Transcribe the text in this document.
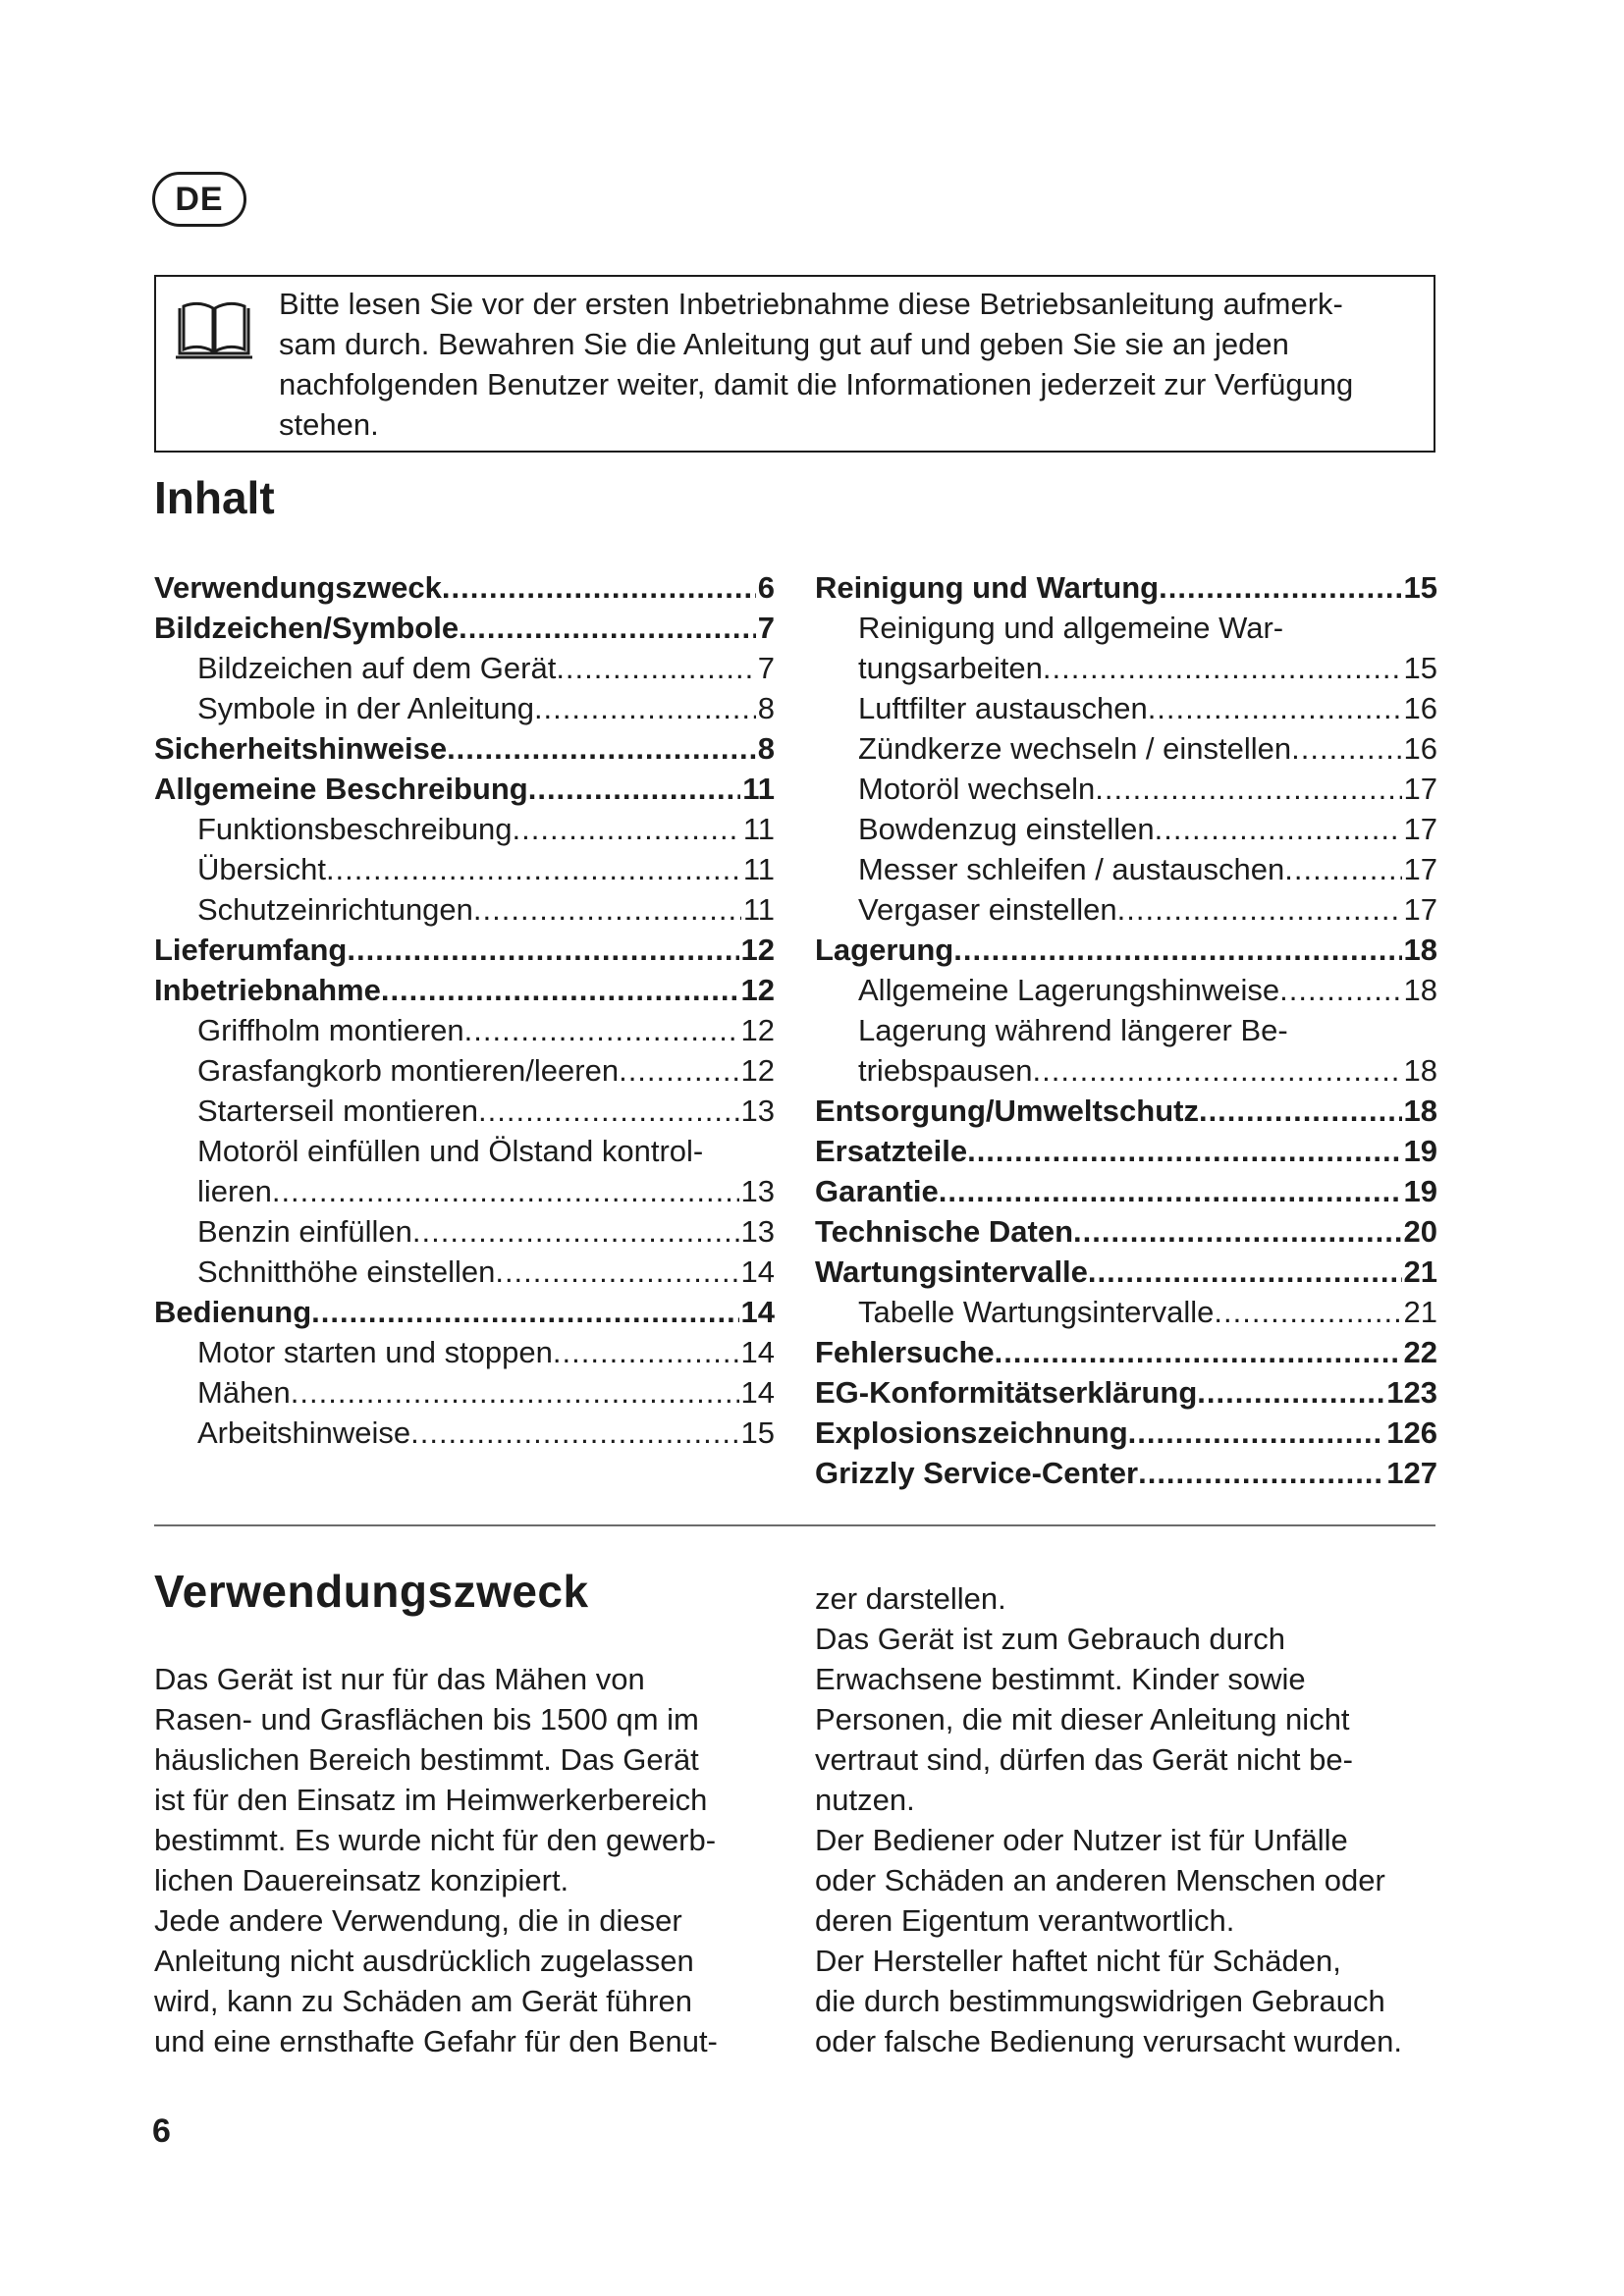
DE
Bitte lesen Sie vor der ersten Inbetriebnahme diese Betriebsanleitung aufmerk-
sam durch. Bewahren Sie die Anleitung gut auf und geben Sie sie an jeden
nachfolgenden Benutzer weiter, damit die Informationen jederzeit zur Verfügung
stehen.
Inhalt
Verwendungszweck .....	6
Bildzeichen/Symbole .....	7
Bildzeichen auf dem Gerät .....	7
Symbole in der Anleitung .....	8
Sicherheitshinweise .....	8
Allgemeine Beschreibung .....	11
Funktionsbeschreibung .....	11
Übersicht .....	11
Schutzeinrichtungen .....	11
Lieferumfang .....	12
Inbetriebnahme .....	12
Griffholm montieren .....	12
Grasfangkorb montieren/leeren .....	12
Starterseil montieren .....	13
Motoröl einfüllen und Ölstand kontrol-
lieren .....	13
Benzin einfüllen .....	13
Schnitthöhe einstellen .....	14
Bedienung .....	14
Motor starten und stoppen .....	14
Mähen .....	14
Arbeitshinweise .....	15
Reinigung und Wartung .....	15
Reinigung und allgemeine War-
tungsarbeiten .....	15
Luftfilter austauschen .....	16
Zündkerze wechseln / einstellen .....	16
Motoröl wechseln .....	17
Bowdenzug einstellen .....	17
Messer schleifen / austauschen .....	17
Vergaser einstellen .....	17
Lagerung .....	18
Allgemeine Lagerungshinweise .....	18
Lagerung während längerer Be-
triebspausen .....	18
Entsorgung/Umweltschutz .....	18
Ersatzteile .....	19
Garantie .....	19
Technische Daten .....	20
Wartungsintervalle .....	21
Tabelle Wartungsintervalle .....	21
Fehlersuche .....	22
EG-Konformitätserklärung .....	123
Explosionszeichnung .....	126
Grizzly Service-Center .....	127
Verwendungszweck
Das Gerät ist nur für das Mähen von
Rasen- und Grasflächen bis 1500 qm im
häuslichen Bereich bestimmt. Das Gerät
ist für den Einsatz im Heimwerkerbereich
bestimmt. Es wurde nicht für den gewerb-
lichen Dauereinsatz konzipiert.
Jede andere Verwendung, die in dieser
Anleitung nicht ausdrücklich zugelassen
wird, kann zu Schäden am Gerät führen
und eine ernsthafte Gefahr für den Benut-
zer darstellen.
Das Gerät ist zum Gebrauch durch
Erwachsene bestimmt. Kinder sowie
Personen, die mit dieser Anleitung nicht
vertraut sind, dürfen das Gerät nicht be-
nutzen.
Der Bediener oder Nutzer ist für Unfälle
oder Schäden an anderen Menschen oder
deren Eigentum verantwortlich.
Der Hersteller haftet nicht für Schäden,
die durch bestimmungswidrigen Gebrauch
oder falsche Bedienung verursacht wurden.
6
